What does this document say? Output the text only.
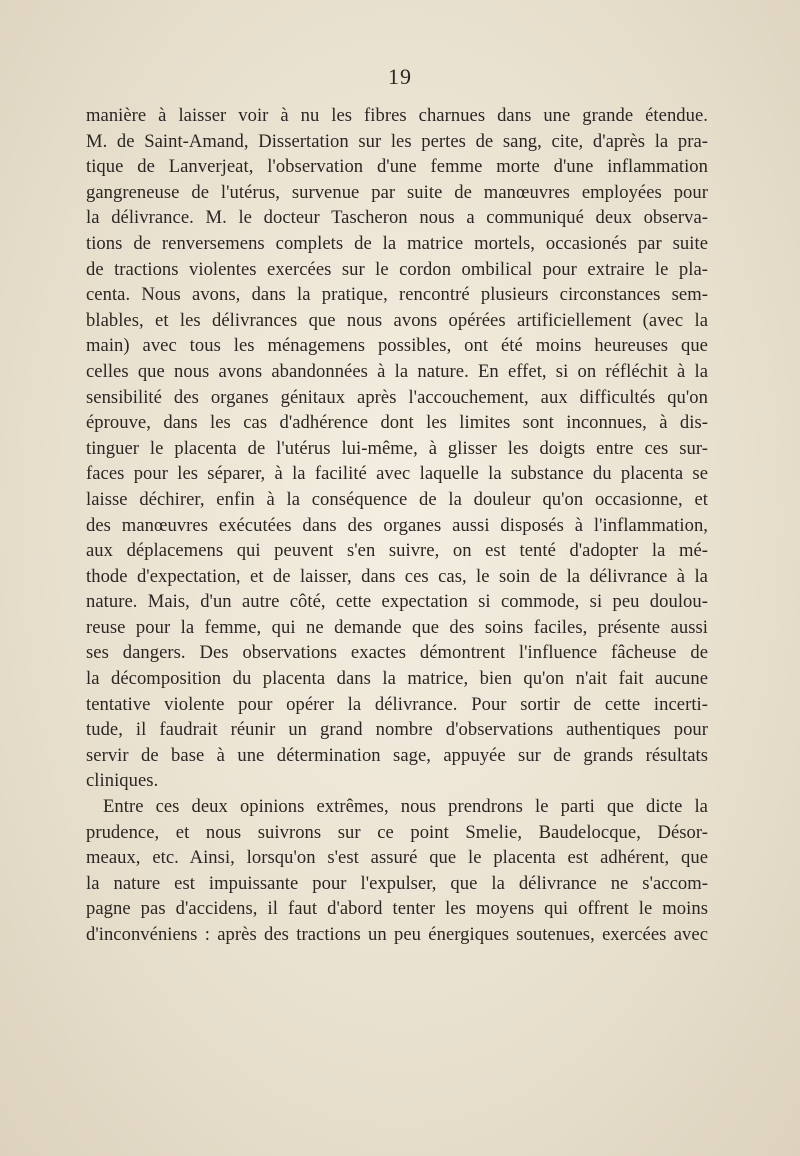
19
manière à laisser voir à nu les fibres charnues dans une grande étendue.
M. de Saint-Amand, Dissertation sur les pertes de sang, cite, d'après la pra-
tique de Lanverjeat, l'observation d'une femme morte d'une inflammation
gangreneuse de l'utérus, survenue par suite de manœuvres employées pour
la délivrance. M. le docteur Tascheron nous a communiqué deux observa-
tions de renversemens complets de la matrice mortels, occasionés par suite
de tractions violentes exercées sur le cordon ombilical pour extraire le pla-
centa. Nous avons, dans la pratique, rencontré plusieurs circonstances sem-
blables, et les délivrances que nous avons opérées artificiellement (avec la
main) avec tous les ménagemens possibles, ont été moins heureuses que
celles que nous avons abandonnées à la nature. En effet, si on réfléchit à la
sensibilité des organes génitaux après l'accouchement, aux difficultés qu'on
éprouve, dans les cas d'adhérence dont les limites sont inconnues, à dis-
tinguer le placenta de l'utérus lui-même, à glisser les doigts entre ces sur-
faces pour les séparer, à la facilité avec laquelle la substance du placenta se
laisse déchirer, enfin à la conséquence de la douleur qu'on occasionne, et
des manœuvres exécutées dans des organes aussi disposés à l'inflammation,
aux déplacemens qui peuvent s'en suivre, on est tenté d'adopter la mé-
thode d'expectation, et de laisser, dans ces cas, le soin de la délivrance à la
nature. Mais, d'un autre côté, cette expectation si commode, si peu doulou-
reuse pour la femme, qui ne demande que des soins faciles, présente aussi
ses dangers. Des observations exactes démontrent l'influence fâcheuse de
la décomposition du placenta dans la matrice, bien qu'on n'ait fait aucune
tentative violente pour opérer la délivrance. Pour sortir de cette incerti-
tude, il faudrait réunir un grand nombre d'observations authentiques pour
servir de base à une détermination sage, appuyée sur de grands résultats
cliniques.
Entre ces deux opinions extrêmes, nous prendrons le parti que dicte la
prudence, et nous suivrons sur ce point Smelie, Baudelocque, Désor-
meaux, etc. Ainsi, lorsqu'on s'est assuré que le placenta est adhérent, que
la nature est impuissante pour l'expulser, que la délivrance ne s'accom-
pagne pas d'accidens, il faut d'abord tenter les moyens qui offrent le moins
d'inconvéniens : après des tractions un peu énergiques soutenues, exercées avec
